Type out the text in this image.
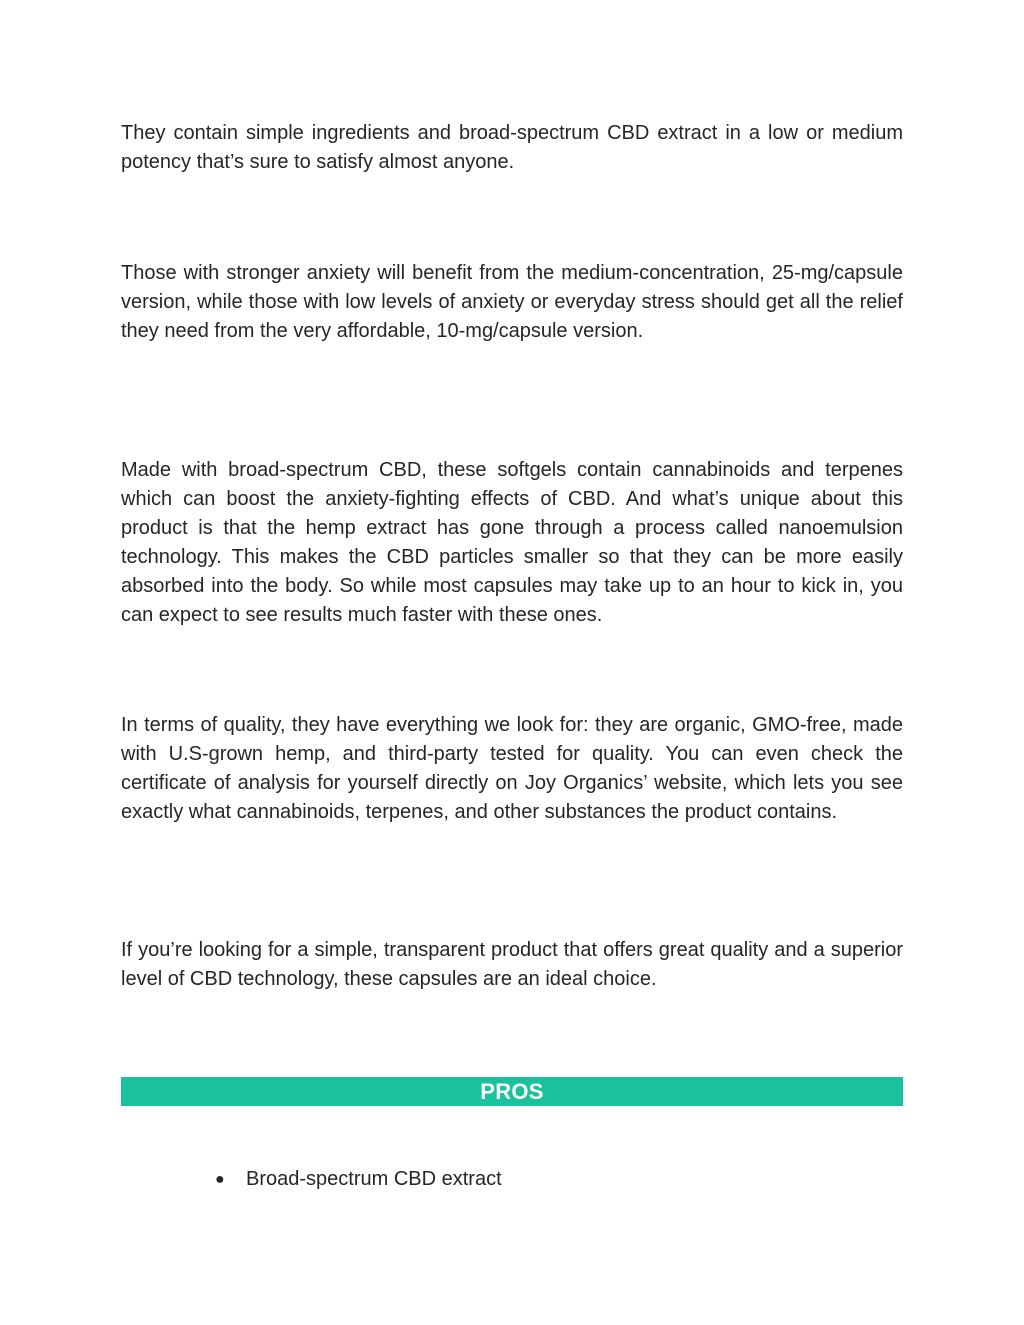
They contain simple ingredients and broad-spectrum CBD extract in a low or medium potency that’s sure to satisfy almost anyone.

Those with stronger anxiety will benefit from the medium-concentration, 25-mg/capsule version, while those with low levels of anxiety or everyday stress should get all the relief they need from the very affordable, 10-mg/capsule version.

Made with broad-spectrum CBD, these softgels contain cannabinoids and terpenes which can boost the anxiety-fighting effects of CBD. And what’s unique about this product is that the hemp extract has gone through a process called nanoemulsion technology. This makes the CBD particles smaller so that they can be more easily absorbed into the body. So while most capsules may take up to an hour to kick in, you can expect to see results much faster with these ones.

In terms of quality, they have everything we look for: they are organic, GMO-free, made with U.S-grown hemp, and third-party tested for quality. You can even check the certificate of analysis for yourself directly on Joy Organics’ website, which lets you see exactly what cannabinoids, terpenes, and other substances the product contains.

If you’re looking for a simple, transparent product that offers great quality and a superior level of CBD technology, these capsules are an ideal choice.

PROS
●	Broad-spectrum CBD extract
